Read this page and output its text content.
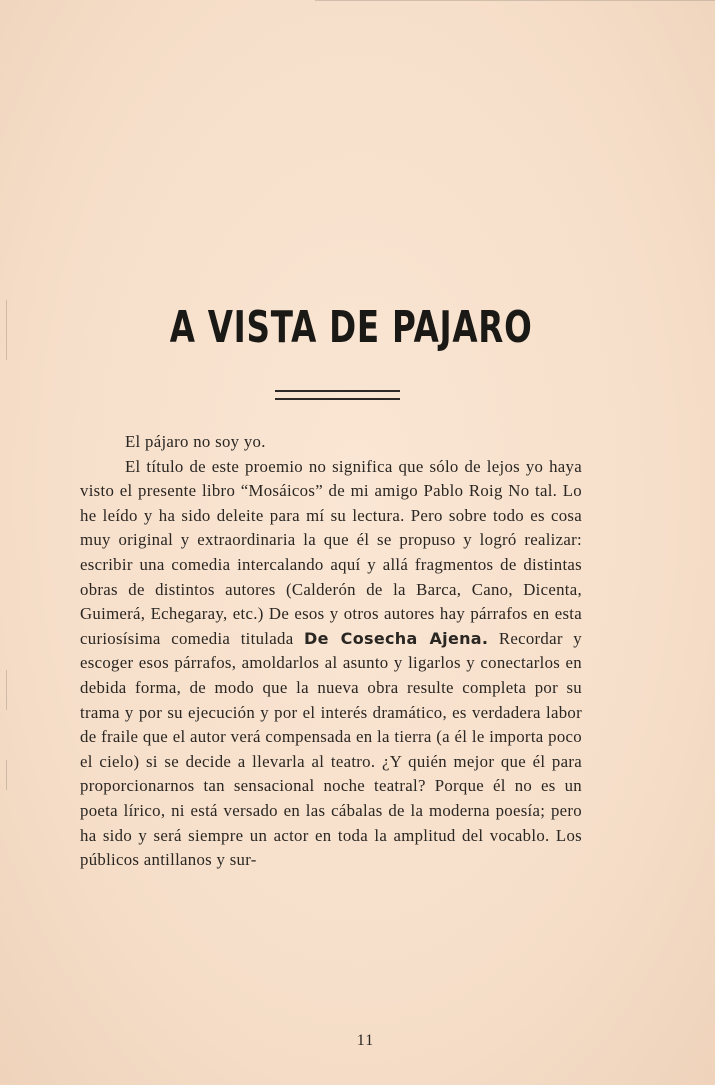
A VISTA DE PAJARO

El pájaro no soy yo.

El título de este proemio no significa que sólo de lejos yo haya visto el presente libro “Mosáicos” de mi amigo Pablo Roig No tal. Lo he leído y ha sido deleite para mí su lectura. Pero sobre todo es cosa muy original y extraordinaria la que él se propuso y logró realizar: escribir una comedia intercalando aquí y allá fragmentos de distintas obras de distintos autores (Calderón de la Barca, Cano, Dicenta, Guimerá, Echegaray, etc.) De esos y otros autores hay párrafos en esta curiosísima comedia titulada De Cosecha Ajena. Recordar y escoger esos párrafos, amoldarlos al asunto y ligarlos y conectarlos en debida forma, de modo que la nueva obra resulte completa por su trama y por su ejecución y por el interés dramático, es verdadera labor de fraile que el autor verá compensada en la tierra (a él le importa poco el cielo) si se decide a llevarla al teatro. ¿Y quién mejor que él para proporcionarnos tan sensacional noche teatral? Porque él no es un poeta lírico, ni está versado en las cábalas de la moderna poesía; pero ha sido y será siempre un actor en toda la amplitud del vocablo. Los públicos antillanos y sur-

11
